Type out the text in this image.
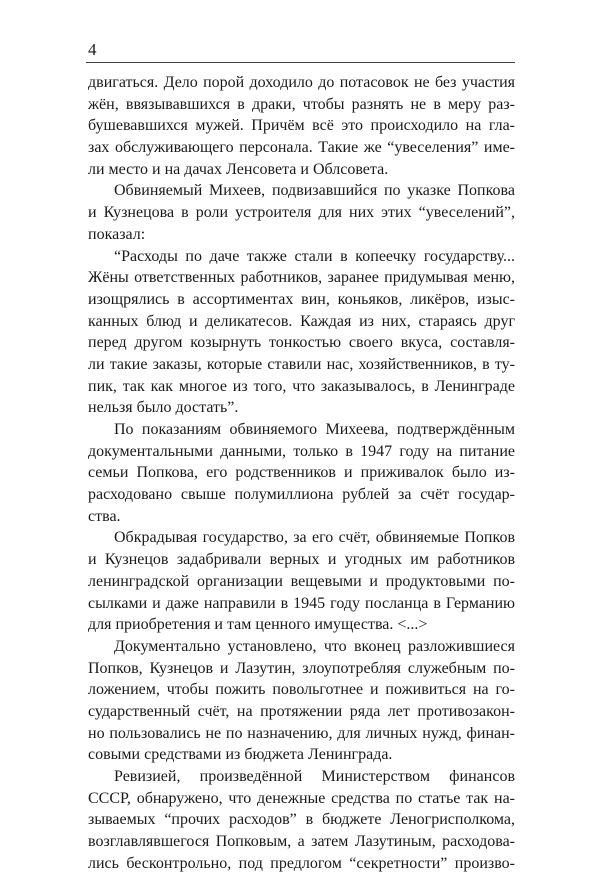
4
двигаться. Дело порой доходило до потасовок не без участия
жён, ввязывавшихся в драки, чтобы разнять не в меру раз-
бушевавшихся мужей. Причём всё это происходило на гла-
зах обслуживающего персонала. Такие же “увеселения” име-
ли место и на дачах Ленсовета и Облсовета.
Обвиняемый Михеев, подвизавшийся по указке Попкова
и Кузнецова в роли устроителя для них этих “увеселений”,
показал:
“Расходы по даче также стали в копеечку государству...
Жёны ответственных работников, заранее придумывая меню,
изощрялись в ассортиментах вин, коньяков, ликёров, изыс-
канных блюд и деликатесов. Каждая из них, стараясь друг
перед другом козырнуть тонкостью своего вкуса, составля-
ли такие заказы, которые ставили нас, хозяйственников, в ту-
пик, так как многое из того, что заказывалось, в Ленинграде
нельзя было достать”.
По показаниям обвиняемого Михеева, подтверждённым
документальными данными, только в 1947 году на питание
семьи Попкова, его родственников и приживалок было из-
расходовано свыше полумиллиона рублей за счёт государ-
ства.
Обкрадывая государство, за его счёт, обвиняемые Попков
и Кузнецов задабривали верных и угодных им работников
ленинградской организации вещевыми и продуктовыми по-
сылками и даже направили в 1945 году посланца в Германию
для приобретения и там ценного имущества. <...>
Документально установлено, что вконец разложившиеся
Попков, Кузнецов и Лазутин, злоупотребляя служебным по-
ложением, чтобы пожить повольготнее и поживиться на го-
сударственный счёт, на протяжении ряда лет противозакон-
но пользовались не по назначению, для личных нужд, финан-
совыми средствами из бюджета Ленинграда.
Ревизией, произведённой Министерством финансов
СССР, обнаружено, что денежные средства по статье так на-
зываемых “прочих расходов” в бюджете Леногрисполкома,
возглавлявшегося Попковым, а затем Лазутиным, расходова-
лись бесконтрольно, под предлогом “секретности” произво-
